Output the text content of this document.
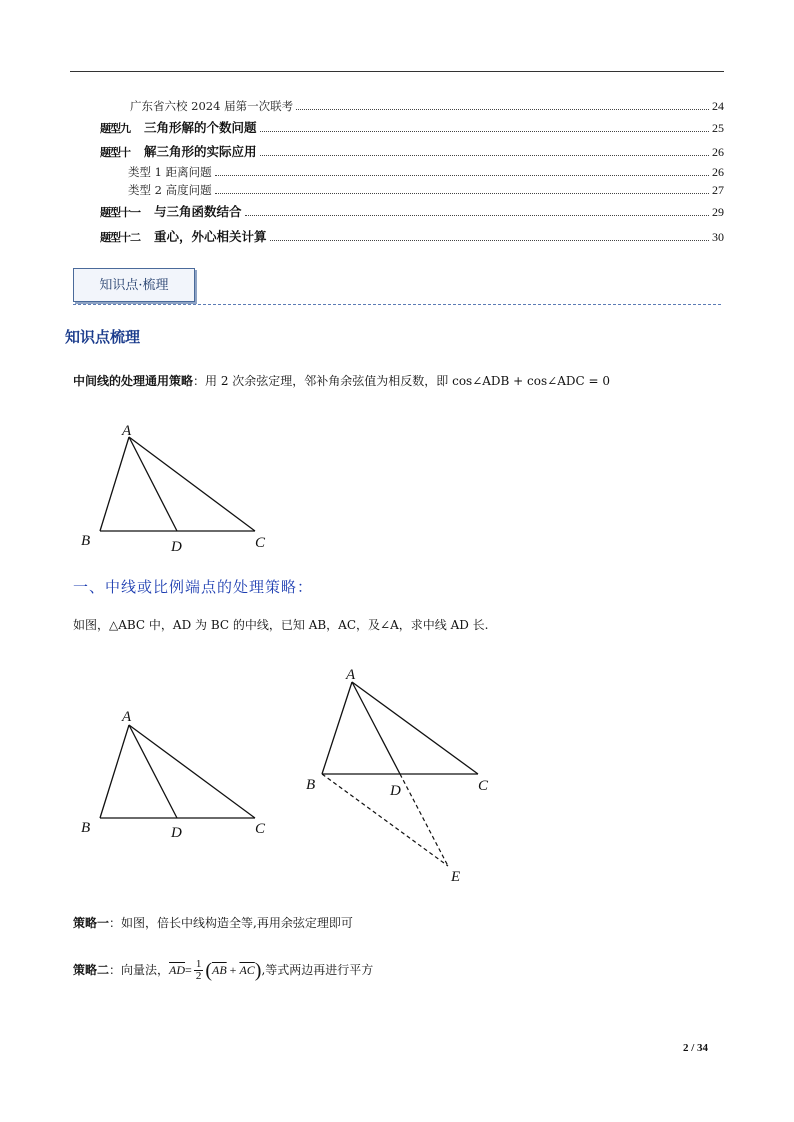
广东省六校 2024 届第一次联考	24
题型九 三角形解的个数问题	25
题型十 解三角形的实际应用	26
类型 1 距离问题	26
类型 2 高度问题	27
题型十一 与三角函数结合	29
题型十二 重心，外心相关计算	30
知识点·梳理
知识点梳理
中间线的处理通用策略：用 2 次余弦定理，邻补角余弦值为相反数，即 cos∠ADB + cos∠ADC = 0
A
B	D	C
一、中线或比例端点的处理策略：
如图，△ABC 中，AD 为 BC 的中线，已知 AB，AC，及∠A，求中线 AD 长.
A
B	D	C
A
B	D	C
E
策略一：如图，倍长中线构造全等,再用余弦定理即可
策略二：向量法，$\overline{AD}= \frac{1}{2} (\overline{AB} + \overline{AC})$,等式两边再进行平方
2 / 34
